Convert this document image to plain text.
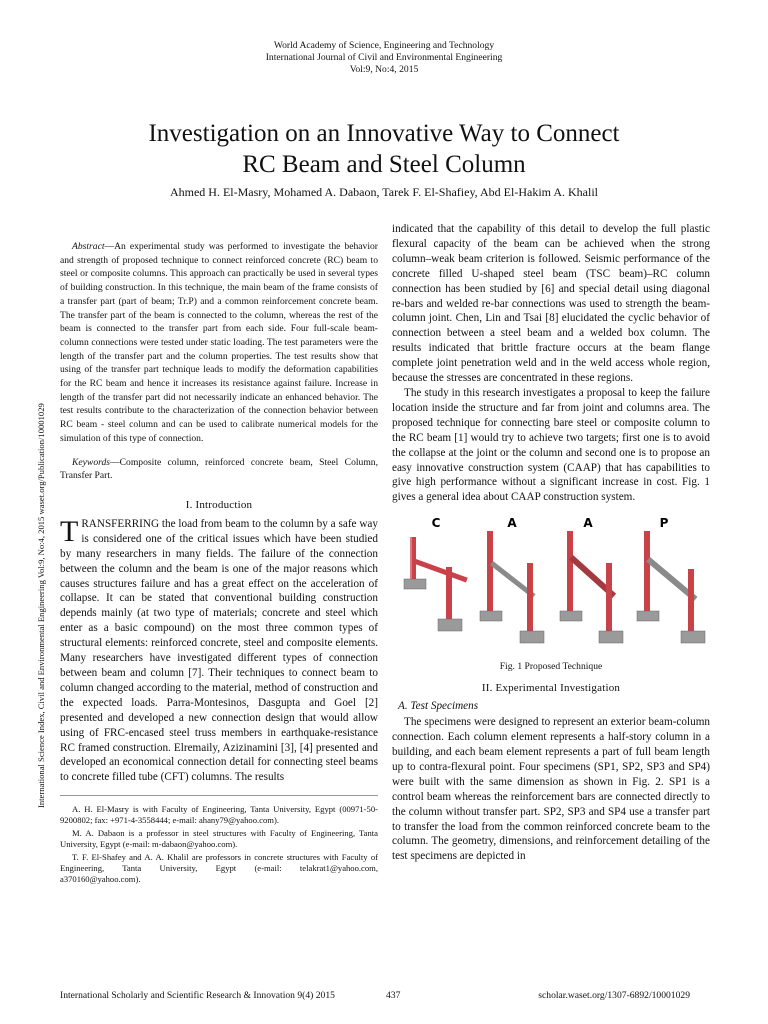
World Academy of Science, Engineering and Technology
International Journal of Civil and Environmental Engineering
Vol:9, No:4, 2015
Investigation on an Innovative Way to Connect
RC Beam and Steel Column
Ahmed H. El-Masry, Mohamed A. Dabaon, Tarek F. El-Shafiey, Abd El-Hakim A. Khalil
International Science Index, Civil and Environmental Engineering Vol:9, No:4, 2015 waset.org/Publication/10001029

Abstract—An experimental study was performed to investigate the behavior and strength of proposed technique to connect reinforced concrete (RC) beam to steel or composite columns. This approach can practically be used in several types of building construction. In this technique, the main beam of the frame consists of a transfer part (part of beam; Tr.P) and a common reinforcement concrete beam. The transfer part of the beam is connected to the column, whereas the rest of the beam is connected to the transfer part from each side. Four full-scale beam-column connections were tested under static loading. The test parameters were the length of the transfer part and the column properties. The test results show that using of the transfer part technique leads to modify the deformation capabilities for the RC beam and hence it increases its resistance against failure. Increase in length of the transfer part did not necessarily indicate an enhanced behavior. The test results contribute to the characterization of the connection behavior between RC beam - steel column and can be used to calibrate numerical models for the simulation of this type of connection.

Keywords—Composite column, reinforced concrete beam, Steel Column, Transfer Part.

I. Introduction

TRANSFERRING the load from beam to the column by a safe way is considered one of the critical issues which have been studied by many researchers in many fields. The failure of the connection between the column and the beam is one of the major reasons which causes structures failure and has a great effect on the acceleration of collapse. It can be stated that conventional building construction depends mainly (at two type of materials; concrete and steel which enter as a basic compound) on the most three common types of structural elements: reinforced concrete, steel and composite elements. Many researchers have investigated different types of connection between beam and column [7]. Their techniques to connect beam to column changed according to the material, method of construction and the expected loads. Parra-Montesinos, Dasgupta and Goel [2] presented and developed a new connection design that would allow using of FRC-encased steel truss members in earthquake-resistance RC framed construction. Elremaily, Azizinamini [3], [4] presented and developed an economical connection detail for connecting steel beams to concrete filled tube (CFT) columns. The results

A. H. El-Masry is with Faculty of Engineering, Tanta University, Egypt (00971-50-9200802; fax: +971-4-3558444; e-mail: ahany79@yahoo.com).

M. A. Dabaon is a professor in steel structures with Faculty of Engineering, Tanta University, Egypt (e-mail: m-dabaon@yahoo.com).

T. F. El-Shafey and A. A. Khalil are professors in concrete structures with Faculty of Engineering, Tanta University, Egypt (e-mail: telakrat1@yahoo.com, a370160@yahoo.com).

indicated that the capability of this detail to develop the full plastic flexural capacity of the beam can be achieved when the strong column–weak beam criterion is followed. Seismic performance of the concrete filled U-shaped steel beam (TSC beam)–RC column connection has been studied by [6] and special detail using diagonal re-bars and welded re-bar connections was used to strength the beam-column joint. Chen, Lin and Tsai [8] elucidated the cyclic behavior of connection between a steel beam and a welded box column. The results indicated that brittle fracture occurs at the beam flange complete joint penetration weld and in the weld access whole region, because the stresses are concentrated in these regions.

The study in this research investigates a proposal to keep the failure location inside the structure and far from joint and columns area. The proposed technique for connecting bare steel or composite column to the RC beam [1] would try to achieve two targets; first one is to avoid the collapse at the joint or the column and second one is to propose an easy innovative construction system (CAAP) that has capabilities to give high performance without a significant increase in cost. Fig. 1 gives a general idea about CAAP construction system.

C	A	A	P
Fig. 1 Proposed Technique
II. Experimental Investigation
A. Test Specimens

The specimens were designed to represent an exterior beam-column connection. Each column element represents a half-story column in a building, and each beam element represents a part of full beam length up to contra-flexural point. Four specimens (SP1, SP2, SP3 and SP4) were built with the same dimension as shown in Fig. 2. SP1 is a control beam whereas the reinforcement bars are connected directly to the column without transfer part. SP2, SP3 and SP4 use a transfer part to transfer the load from the common reinforced concrete beam to the column. The geometry, dimensions, and reinforcement detailing of the test specimens are depicted in

International Scholarly and Scientific Research & Innovation 9(4) 2015	437	scholar.waset.org/1307-6892/10001029
